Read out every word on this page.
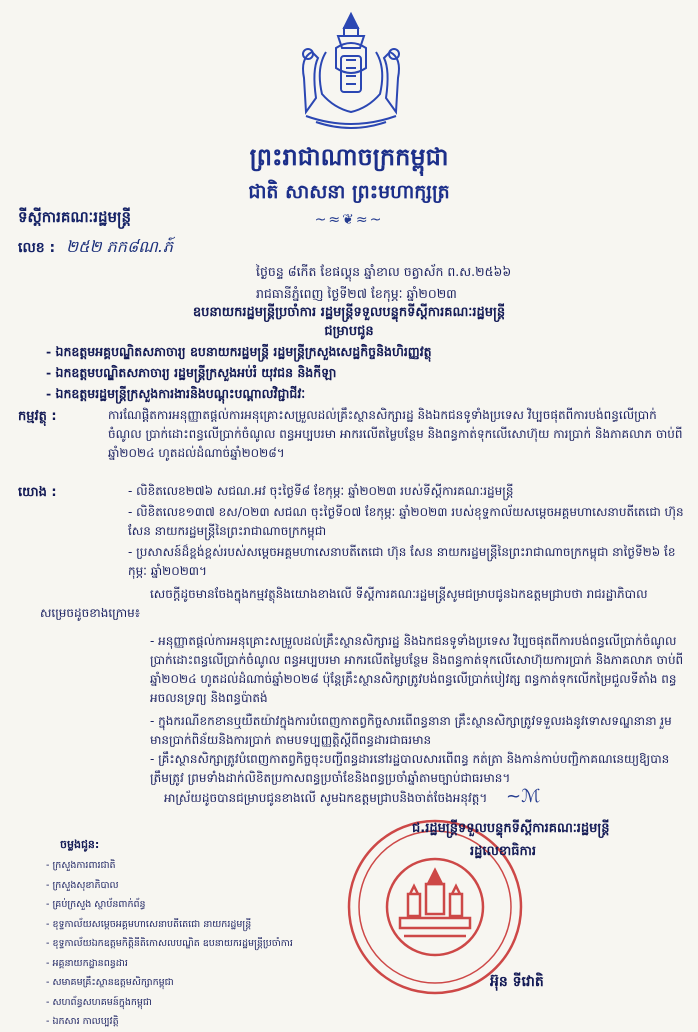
ព្រះរាជាណាចក្រកម្ពុជា
ជាតិ សាសនា ព្រះមហាក្សត្រ
~≈❦≈~
ទីស្តីការគណៈរដ្ឋមន្ត្រី
លេខ : ២៥២ ភក៨ណ.ភ៍
ថ្ងៃចន្ទ ៨កើត ខែផល្គុន ឆ្នាំខាល ចត្វាស័ក ព.ស.២៥៦៦
រាជធានីភ្នំពេញ ថ្ងៃទី២៧ ខែកុម្ភៈ ឆ្នាំ២០២៣
ឧបនាយករដ្ឋមន្ត្រីប្រចាំការ រដ្ឋមន្ត្រីទទួលបន្ទុកទីស្តីការគណៈរដ្ឋមន្ត្រី
ជម្រាបជូន
- ឯកឧត្តមអគ្គបណ្ឌិតសភាចារ្យ ឧបនាយករដ្ឋមន្ត្រី រដ្ឋមន្ត្រីក្រសួងសេដ្ឋកិច្ចនិងហិរញ្ញវត្ថុ
- ឯកឧត្តមបណ្ឌិតសភាចារ្យ រដ្ឋមន្ត្រីក្រសួងអប់រំ យុវជន និងកីឡា
- ឯកឧត្តមរដ្ឋមន្ត្រីក្រសួងការងារនិងបណ្តុះបណ្តាលវិជ្ជាជីវៈ
កម្មវត្ថុ :	ការណែផ្តិតការអនុញ្ញាតផ្តល់ការអនុគ្រោះសម្រួលដល់គ្រឹះស្ថានសិក្សារដ្ឋ និងឯកជនទូទាំងប្រទេស វិប្បចផុតពីការបង់ពន្ធលើប្រាក់ចំណូល ប្រាក់ដោះពន្ធលើប្រាក់ចំណូល ពន្ធអប្បបរមា អាករលើតម្លៃបន្ថែម និងពន្ធកាត់ទុកលើសោហ៊ុយ ការប្រាក់ និងភាគលាភ ចាប់ពីឆ្នាំ២០២៤ ហូតដល់ដំណាច់ឆ្នាំ២០២៨។
យោង :	- លិខិតលេខ២៧៦ សជណ.អវ ចុះថ្ងៃទី៨ ខែកុម្ភៈ ឆ្នាំ២០២៣ របស់ទីស្តីការគណៈរដ្ឋមន្ត្រី
- លិខិតលេខ១៣៧ ខស/០២៣ សជណ ចុះថ្ងៃទី០៧ ខែកុម្ភៈ ឆ្នាំ២០២៣ របស់ខុទ្ទកាល័យសម្តេចអគ្គមហាសេនាបតីតេជោ ហ៊ុន សែន នាយករដ្ឋមន្ត្រីនៃព្រះរាជាណាចក្រកម្ពុជា
- ប្រសាសន៍ដ៏ខ្ពង់ខ្ពស់របស់សម្តេចអគ្គមហាសេនាបតីតេជោ ហ៊ុន សែន នាយករដ្ឋមន្ត្រីនៃព្រះរាជាណាចក្រកម្ពុជា នាថ្ងៃទី២៦ ខែកុម្ភៈ ឆ្នាំ២០២៣។
សេចក្តីដូចមានចែងក្នុងកម្មវត្ថុនិងយោងខាងលើ ទីស្តីការគណៈរដ្ឋមន្ត្រីសូមជម្រាបជូនឯកឧត្តមជ្រាបថា រាជរដ្ឋាភិបាលសម្រេចដូចខាងក្រោម៖
- អនុញ្ញាតផ្តល់ការអនុគ្រោះសម្រួលដល់គ្រឹះស្ថានសិក្សារដ្ឋ និងឯកជនទូទាំងប្រទេស វិប្បចផុតពីការបង់ពន្ធលើប្រាក់ចំណូលប្រាក់ដោះពន្ធលើប្រាក់ចំណូល ពន្ធអប្បបរមា អាករលើតម្លៃបន្ថែម និងពន្ធកាត់ទុកលើសោហ៊ុយការប្រាក់ និងភាគលាភ ចាប់ពីឆ្នាំ២០២៤ ហូតដល់ដំណាច់ឆ្នាំ២០២៨ ប៉ុន្តែគ្រឹះស្ថានសិក្សាត្រូវបង់ពន្ធលើប្រាក់បៀវត្ស ពន្ធកាត់ទុកលើកម្រៃជួលទីតាំង ពន្ធអចលនទ្រព្យ និងពន្ធប៉ាតង់
- ក្នុងករណីខកខានឬយឺតយ៉ាវក្នុងការបំពេញកាតព្វកិច្ចសារពើពន្ធនានា គ្រឹះស្ថានសិក្សាត្រូវទទួលរងនូវទោសទណ្ឌនានា រួមមានប្រាក់ពិន័យនិងការប្រាក់ តាមបទប្បញ្ញត្តិស្តីពីពន្ធដារជាធរមាន
- គ្រឹះស្ថានសិក្សាត្រូវបំពេញកាតព្វកិច្ចចុះបញ្ជីពន្ធដារនៅរដ្ឋបាលសារពើពន្ធ កត់ត្រា និងកាន់កាប់បញ្ជិកាគណនេយ្យឱ្យបានត្រឹមត្រូវ ព្រមទាំងដាក់លិខិតប្រកាសពន្ធប្រចាំខែនិងពន្ធប្រចាំឆ្នាំតាមច្បាប់ជាធរមាន។
អាស្រ័យដូចបានជម្រាបជូនខាងលើ សូមឯកឧត្តមជ្រាបនិងចាត់ចែងអនុវត្ត។	~ℳ
ចម្លងជូន:
- ក្រសួងការពារជាតិ
- ក្រសួងសុខាភិបាល
- គ្រប់ក្រសួង ស្ថាប័នពាក់ព័ន្ធ
- ខុទ្ទកាល័យសម្តេចអគ្គមហាសេនាបតីតេជោ នាយករដ្ឋមន្ត្រី
- ខុទ្ទកាល័យឯកឧត្តមកិត្តិនីតិកោសលបណ្ឌិត ឧបនាយករដ្ឋមន្ត្រីប្រចាំការ
- អគ្គនាយកដ្ឋានពន្ធដារ
- សមាគមគ្រឹះស្ថានឧត្តមសិក្សាកម្ពុជា
- សហព័ន្ធសហគមន៍ក្នុងកម្ពុជា
- ឯកសារ កាលប្បវត្តិ
ជ.រដ្ឋមន្ត្រីទទួលបន្ទុកទីស្តីការគណៈរដ្ឋមន្ត្រី
រដ្ឋលេខាធិការ
អ៊ុន ទីវោតិ
